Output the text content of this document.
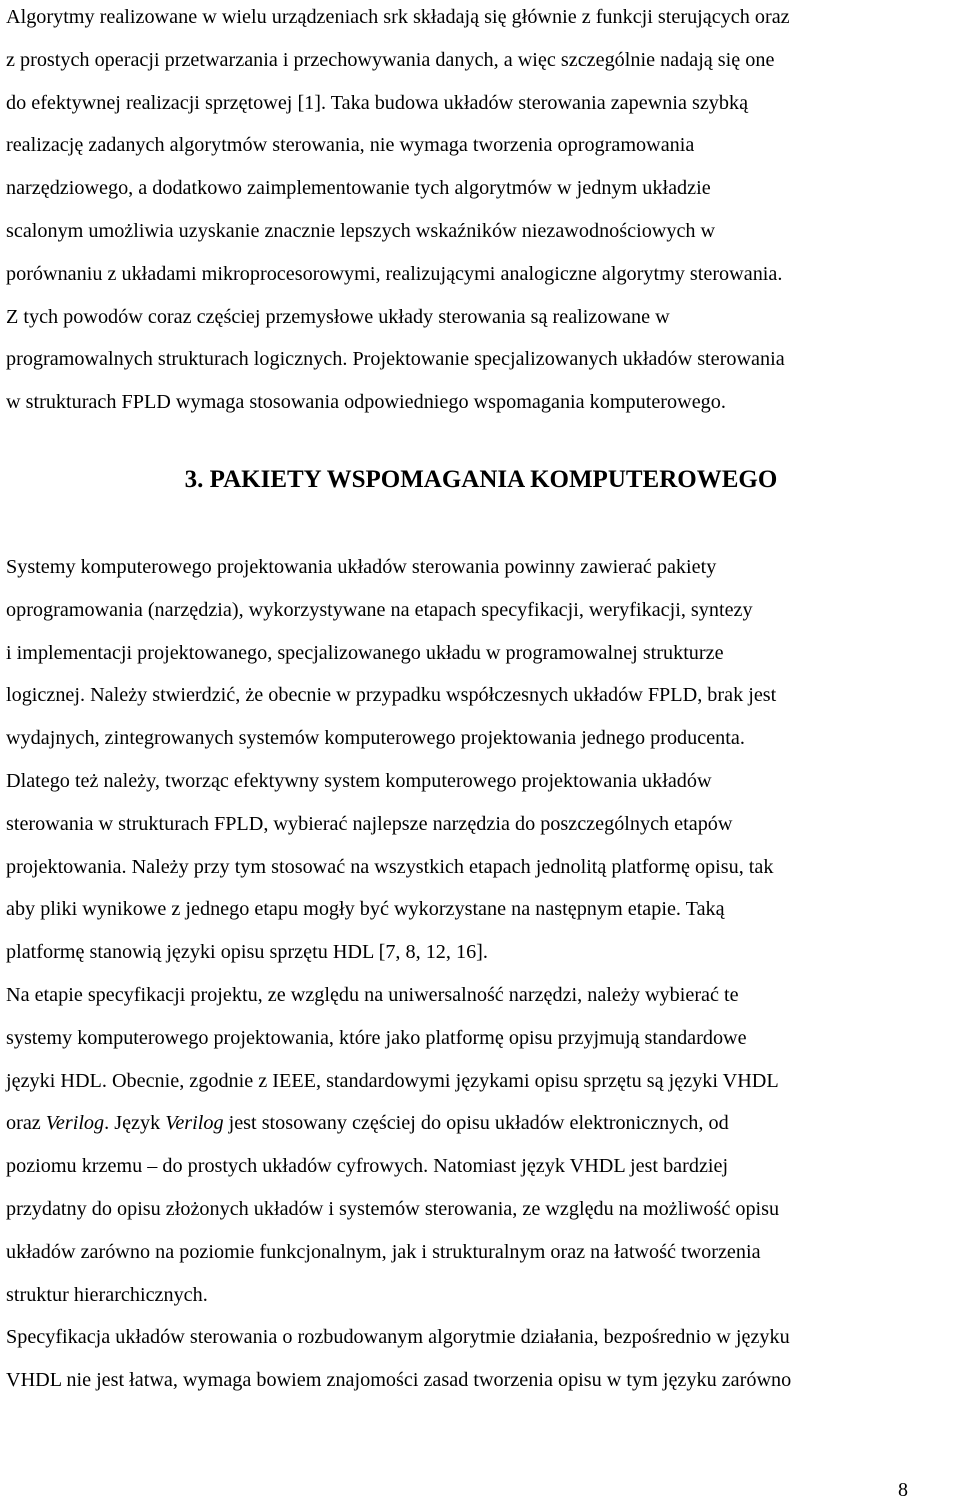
Algorytmy realizowane w wielu urządzeniach srk składają się głównie z funkcji sterujących oraz
z prostych operacji przetwarzania i przechowywania danych, a więc szczególnie nadają się one
do efektywnej realizacji sprzętowej [1]. Taka budowa układów sterowania zapewnia szybką
realizację zadanych algorytmów sterowania, nie wymaga tworzenia oprogramowania
narzędziowego, a dodatkowo zaimplementowanie tych algorytmów w jednym układzie
scalonym umożliwia uzyskanie znacznie lepszych wskaźników niezawodnościowych w
porównaniu z układami mikroprocesorowymi, realizującymi analogiczne algorytmy sterowania.
Z tych powodów coraz częściej przemysłowe układy sterowania są realizowane w
programowalnych strukturach logicznych. Projektowanie specjalizowanych układów sterowania
w strukturach FPLD wymaga stosowania odpowiedniego wspomagania komputerowego.
3. PAKIETY WSPOMAGANIA KOMPUTEROWEGO
Systemy komputerowego projektowania układów sterowania powinny zawierać pakiety
oprogramowania (narzędzia), wykorzystywane na etapach specyfikacji, weryfikacji, syntezy
i implementacji projektowanego, specjalizowanego układu w programowalnej strukturze
logicznej. Należy stwierdzić, że obecnie w przypadku współczesnych układów FPLD, brak jest
wydajnych, zintegrowanych systemów komputerowego projektowania jednego producenta.
Dlatego też należy, tworząc efektywny system komputerowego projektowania układów
sterowania w strukturach FPLD, wybierać najlepsze narzędzia do poszczególnych etapów
projektowania. Należy przy tym stosować na wszystkich etapach jednolitą platformę opisu, tak
aby pliki wynikowe z jednego etapu mogły być wykorzystane na następnym etapie. Taką
platformę stanowią języki opisu sprzętu HDL [7, 8, 12, 16].
Na etapie specyfikacji projektu, ze względu na uniwersalność narzędzi, należy wybierać te
systemy komputerowego projektowania, które jako platformę opisu przyjmują standardowe
języki HDL. Obecnie, zgodnie z IEEE, standardowymi językami opisu sprzętu są języki VHDL
oraz Verilog. Język Verilog jest stosowany częściej do opisu układów elektronicznych, od
poziomu krzemu – do prostych układów cyfrowych. Natomiast język VHDL jest bardziej
przydatny do opisu złożonych układów i systemów sterowania, ze względu na możliwość opisu
układów zarówno na poziomie funkcjonalnym, jak i strukturalnym oraz na łatwość tworzenia
struktur hierarchicznych.
Specyfikacja układów sterowania o rozbudowanym algorytmie działania, bezpośrednio w języku
VHDL nie jest łatwa, wymaga bowiem znajomości zasad tworzenia opisu w tym języku zarówno
8
